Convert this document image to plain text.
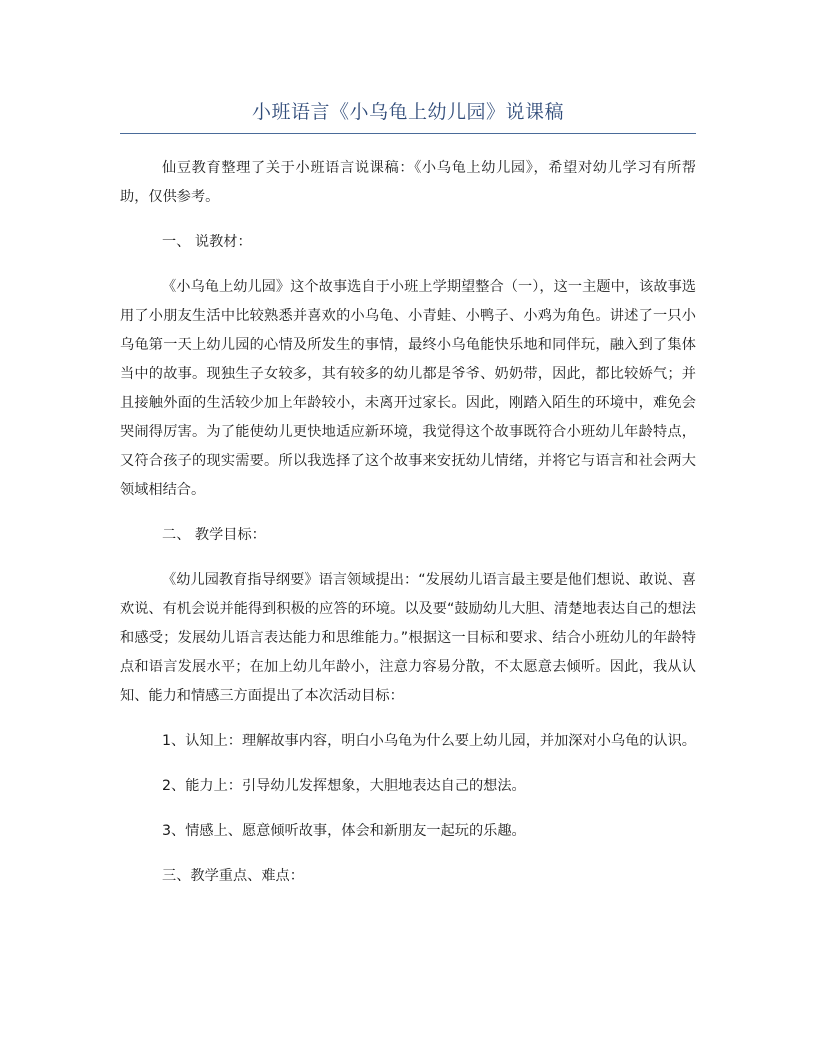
小班语言《小乌龟上幼儿园》说课稿

仙豆教育整理了关于小班语言说课稿：《小乌龟上幼儿园》，希望对幼儿学习有所帮助，仅供参考。

一、 说教材：

《小乌龟上幼儿园》这个故事选自于小班上学期望整合（一），这一主题中，该故事选用了小朋友生活中比较熟悉并喜欢的小乌龟、小青蛙、小鸭子、小鸡为角色。讲述了一只小乌龟第一天上幼儿园的心情及所发生的事情，最终小乌龟能快乐地和同伴玩，融入到了集体当中的故事。现独生子女较多，其有较多的幼儿都是爷爷、奶奶带，因此，都比较娇气；并且接触外面的生活较少加上年龄较小，未离开过家长。因此，刚踏入陌生的环境中，难免会哭闹得厉害。为了能使幼儿更快地适应新环境，我觉得这个故事既符合小班幼儿年龄特点，又符合孩子的现实需要。所以我选择了这个故事来安抚幼儿情绪，并将它与语言和社会两大领域相结合。

二、 教学目标：

《幼儿园教育指导纲要》语言领域提出：“发展幼儿语言最主要是他们想说、敢说、喜欢说、有机会说并能得到积极的应答的环境。以及要“鼓励幼儿大胆、清楚地表达自己的想法和感受；发展幼儿语言表达能力和思维能力。”根据这一目标和要求、结合小班幼儿的年龄特点和语言发展水平；在加上幼儿年龄小，注意力容易分散，不太愿意去倾听。因此，我从认知、能力和情感三方面提出了本次活动目标：

1、认知上：理解故事内容，明白小乌龟为什么要上幼儿园，并加深对小乌龟的认识。

2、能力上：引导幼儿发挥想象，大胆地表达自己的想法。

3、情感上、愿意倾听故事，体会和新朋友一起玩的乐趣。

三、教学重点、难点：
